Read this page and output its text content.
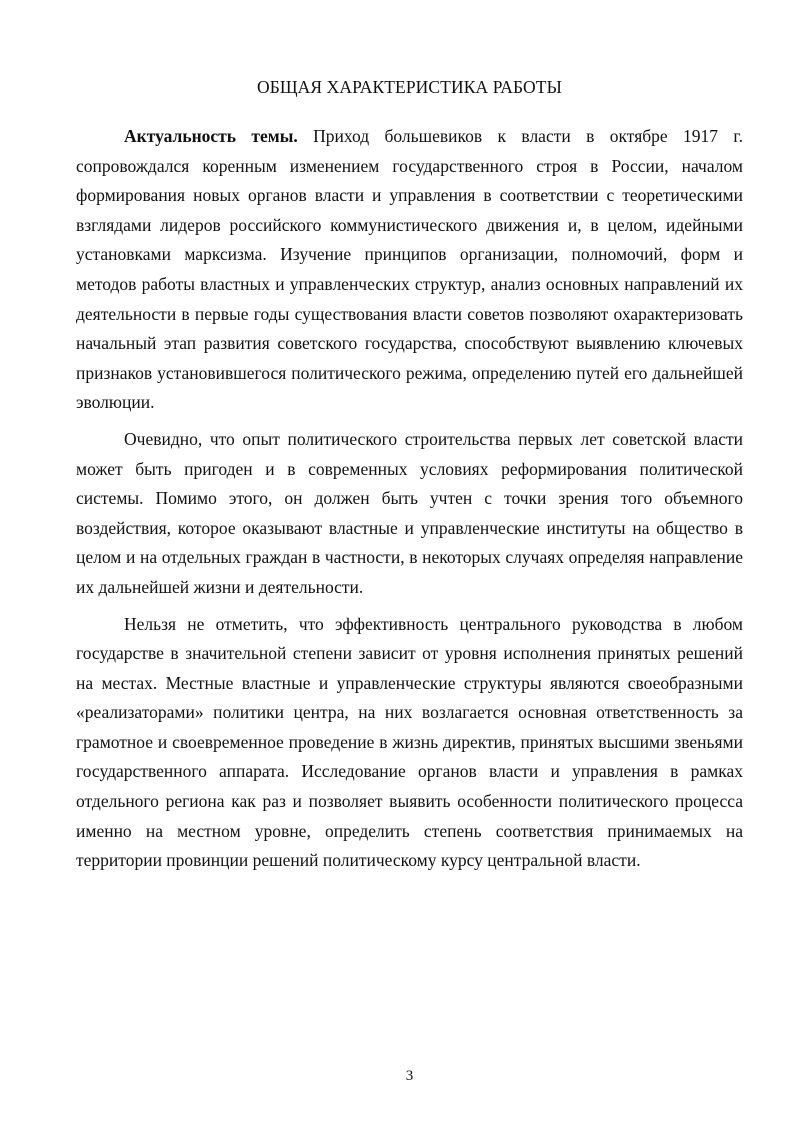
ОБЩАЯ ХАРАКТЕРИСТИКА РАБОТЫ

Актуальность темы. Приход большевиков к власти в октябре 1917 г. сопровождался коренным изменением государственного строя в России, началом формирования новых органов власти и управления в соответствии с теоретическими взглядами лидеров российского коммунистического движения и, в целом, идейными установками марксизма. Изучение принципов организации, полномочий, форм и методов работы властных и управленческих структур, анализ основных направлений их деятельности в первые годы существования власти советов позволяют охарактеризовать начальный этап развития советского государства, способствуют выявлению ключевых признаков установившегося политического режима, определению путей его дальнейшей эволюции.

Очевидно, что опыт политического строительства первых лет советской власти может быть пригоден и в современных условиях реформирования политической системы. Помимо этого, он должен быть учтен с точки зрения того объемного воздействия, которое оказывают властные и управленческие институты на общество в целом и на отдельных граждан в частности, в некоторых случаях определяя направление их дальнейшей жизни и деятельности.

Нельзя не отметить, что эффективность центрального руководства в любом государстве в значительной степени зависит от уровня исполнения принятых решений на местах. Местные властные и управленческие структуры являются своеобразными «реализаторами» политики центра, на них возлагается основная ответственность за грамотное и своевременное проведение в жизнь директив, принятых высшими звеньями государственного аппарата. Исследование органов власти и управления в рамках отдельного региона как раз и позволяет выявить особенности политического процесса именно на местном уровне, определить степень соответствия принимаемых на территории провинции решений политическому курсу центральной власти.

3
